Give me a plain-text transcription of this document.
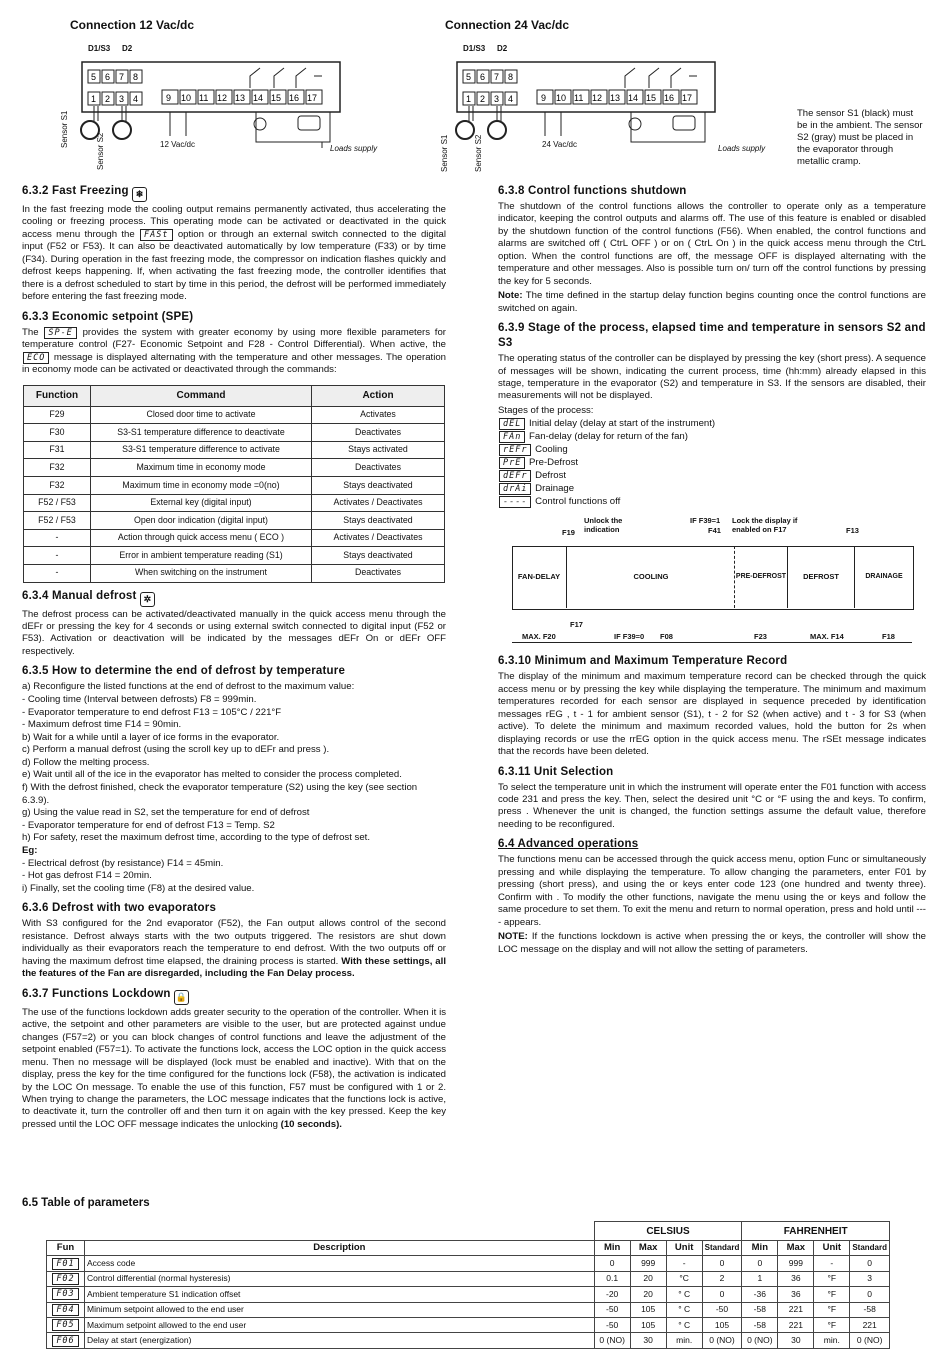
Connection 12 Vac/dc	Connection 24 Vac/dc
5 6 7 8
1 2 3 4	9 10 11 12 13 14 15 16 17
D1/S3 D2
12 Vac/dc	Loads supply
Sensor S1
Sensor S2
5 6 7 8
1 2 3 4	9 10 11 12 13 14 15 16 17
D1/S3 D2
24 Vac/dc	Loads supply
Sensor S1	Sensor S2
The sensor S1 (black) must be in the ambient. The sensor S2 (gray) must be placed in the evaporator through metallic cramp.
6.3.2 Fast Freezing ❄

In the fast freezing mode the cooling output remains permanently activated, thus accelerating the cooling or freezing process. This operating mode can be activated or deactivated in the quick access menu through the FASt option or through an external switch connected to the digital input (F52 or F53). It can also be deactivated automatically by low temperature (F33) or by time (F34). During operation in the fast freezing mode, the compressor on indication flashes quickly and defrost keeps happening. If, when activating the fast freezing mode, the controller identifies that there is a defrost scheduled to start by time in this period, the defrost will be performed immediately before entering the fast freezing mode.

6.3.3 Economic setpoint (SPE)

The SP-E provides the system with greater economy by using more flexible parameters for temperature control (F27- Economic Setpoint and F28 - Control Differential). When active, the ECO message is displayed alternating with the temperature and other messages. The operation in economy mode can be activated or deactivated through the commands:

Function	Command	Action
F29	Closed door time to activate	Activates
F30	S3-S1 temperature difference to deactivate	Deactivates
F31	S3-S1 temperature difference to activate	Stays activated
F32	Maximum time in economy mode	Deactivates
F32	Maximum time in economy mode =0(no)	Stays deactivated
F52 / F53	External key (digital input)	Activates / Deactivates
F52 / F53	Open door indication (digital input)	Stays deactivated
-	Action through quick access menu ( ECO )	Activates / Deactivates
-	Error in ambient temperature reading (S1)	Stays deactivated
-	When switching on the instrument	Deactivates
6.3.4 Manual defrost ✲

The defrost process can be activated/deactivated manually in the quick access menu through the dEFr or pressing the key for 4 seconds or using external switch connected to digital input (F52 or F53). Activation or deactivation will be indicated by the messages dEFr On or dEFr OFF respectively.

6.3.5 How to determine the end of defrost by temperature
a) Reconfigure the listed functions at the end of defrost to the maximum value:
- Cooling time (Interval between defrosts) F8 = 999min.
- Evaporator temperature to end defrost F13 = 105°C / 221°F
- Maximum defrost time F14 = 90min.
b) Wait for a while until a layer of ice forms in the evaporator.
c) Perform a manual defrost (using the scroll key up to dEFr and press ).
d) Follow the melting process.
e) Wait until all of the ice in the evaporator has melted to consider the process completed.
f) With the defrost finished, check the evaporator temperature (S2) using the key (see section 6.3.9).
g) Using the value read in S2, set the temperature for end of defrost
- Evaporator temperature for end of defrost F13 = Temp. S2
h) For safety, reset the maximum defrost time, according to the type of defrost set.
Eg:
- Electrical defrost (by resistance) F14 = 45min.
- Hot gas defrost F14 = 20min.
i) Finally, set the cooling time (F8) at the desired value.
6.3.6 Defrost with two evaporators

With S3 configured for the 2nd evaporator (F52), the Fan output allows control of the second resistance. Defrost always starts with the two outputs triggered. The resistors are shut down individually as their evaporators reach the temperature to end defrost. With the two outputs off or having the maximum defrost time elapsed, the draining process is started. With these settings, all the features of the Fan are disregarded, including the Fan Delay process.

6.3.7 Functions Lockdown 🔒

The use of the functions lockdown adds greater security to the operation of the controller. When it is active, the setpoint and other parameters are visible to the user, but are protected against undue changes (F57=2) or you can block changes of control functions and leave the adjustment of the setpoint enabled (F57=1). To activate the functions lock, access the LOC option in the quick access menu. Then no message will be displayed (lock must be enabled and inactive). With that on the display, press the key for the time configured for the functions lock (F58), the activation is indicated by the LOC On message. To enable the use of this function, F57 must be configured with 1 or 2. When trying to change the parameters, the LOC message indicates that the functions lock is active, to deactivate it, turn the controller off and then turn it on again with the key pressed. Keep the key pressed until the LOC OFF message indicates the unlocking (10 seconds).

6.3.8 Control functions shutdown

The shutdown of the control functions allows the controller to operate only as a temperature indicator, keeping the control outputs and alarms off. The use of this feature is enabled or disabled by the shutdown function of the control functions (F56). When enabled, the control functions and alarms are switched off ( CtrL OFF ) or on ( CtrL On ) in the quick access menu through the CtrL option. When the control functions are off, the message OFF is displayed alternating with the temperature and other messages. Also is possible turn on/ turn off the control functions by pressing the key for 5 seconds.

Note: The time defined in the startup delay function begins counting once the control functions are switched on again.

6.3.9 Stage of the process, elapsed time and temperature in sensors S2 and S3

The operating status of the controller can be displayed by pressing the key (short press). A sequence of messages will be shown, indicating the current process, time (hh:mm) already elapsed in this stage, temperature in the evaporator (S2) and temperature in S3. If the sensors are disabled, their measurements will not be displayed.

Stages of the process:
dEL Initial delay (delay at start of the instrument)
FAn Fan-delay (delay for return of the fan)
rEFr Cooling
PrE Pre-Defrost
dEFr Defrost
drAi Drainage
---- Control functions off
F19
Unlock the indication
IF F39=1
F41
Lock the display if enabled on F17	F13
FAN-DELAY	COOLING	PRE-DEFROST	DEFROST	DRAINAGE
MAX. F20
F17
IF F39=0 F08	F23	MAX. F14	F18
6.3.10 Minimum and Maximum Temperature Record

The display of the minimum and maximum temperature record can be checked through the quick access menu or by pressing the key while displaying the temperature. The minimum and maximum temperatures recorded for each sensor are displayed in sequence preceded by identification messages rEG , t - 1 for ambient sensor (S1), t - 2 for S2 (when active) and t - 3 for S3 (when active). To delete the minimum and maximum recorded values, hold the button for 2s when displaying records or use the rrEG option in the quick access menu. The rSEt message indicates that the records have been deleted.

6.3.11 Unit Selection

To select the temperature unit in which the instrument will operate enter the F01 function with access code 231 and press the key. Then, select the desired unit °C or °F using the and keys. To confirm, press . Whenever the unit is changed, the function settings assume the default value, therefore needing to be reconfigured.

6.4 Advanced operations

The functions menu can be accessed through the quick access menu, option Func or simultaneously pressing and while displaying the temperature. To allow changing the parameters, enter F01 by pressing (short press), and using the or keys enter code 123 (one hundred and twenty three). Confirm with . To modify the other functions, navigate the menu using the or keys and follow the same procedure to set them. To exit the menu and return to normal operation, press and hold until ---- appears.

NOTE: If the functions lockdown is active when pressing the or keys, the controller will show the LOC message on the display and will not allow the setting of parameters.

6.5 Table of parameters
		CELSIUS				FAHRENHEIT			
Fun	Description	Min	Max	Unit	Standard	Min	Max	Unit	Standard
F01	Access code	0	999	-	0	0	999	-	0
F02	Control differential (normal hysteresis)	0.1	20	°C	2	1	36	°F	3
F03	Ambient temperature S1 indication offset	-20	20	° C	0	-36	36	°F	0
F04	Minimum setpoint allowed to the end user	-50	105	° C	-50	-58	221	°F	-58
F05	Maximum setpoint allowed to the end user	-50	105	° C	105	-58	221	°F	221
F06	Delay at start (energization)	0 (NO)	30	min.	0 (NO)	0 (NO)	30	min.	0 (NO)
